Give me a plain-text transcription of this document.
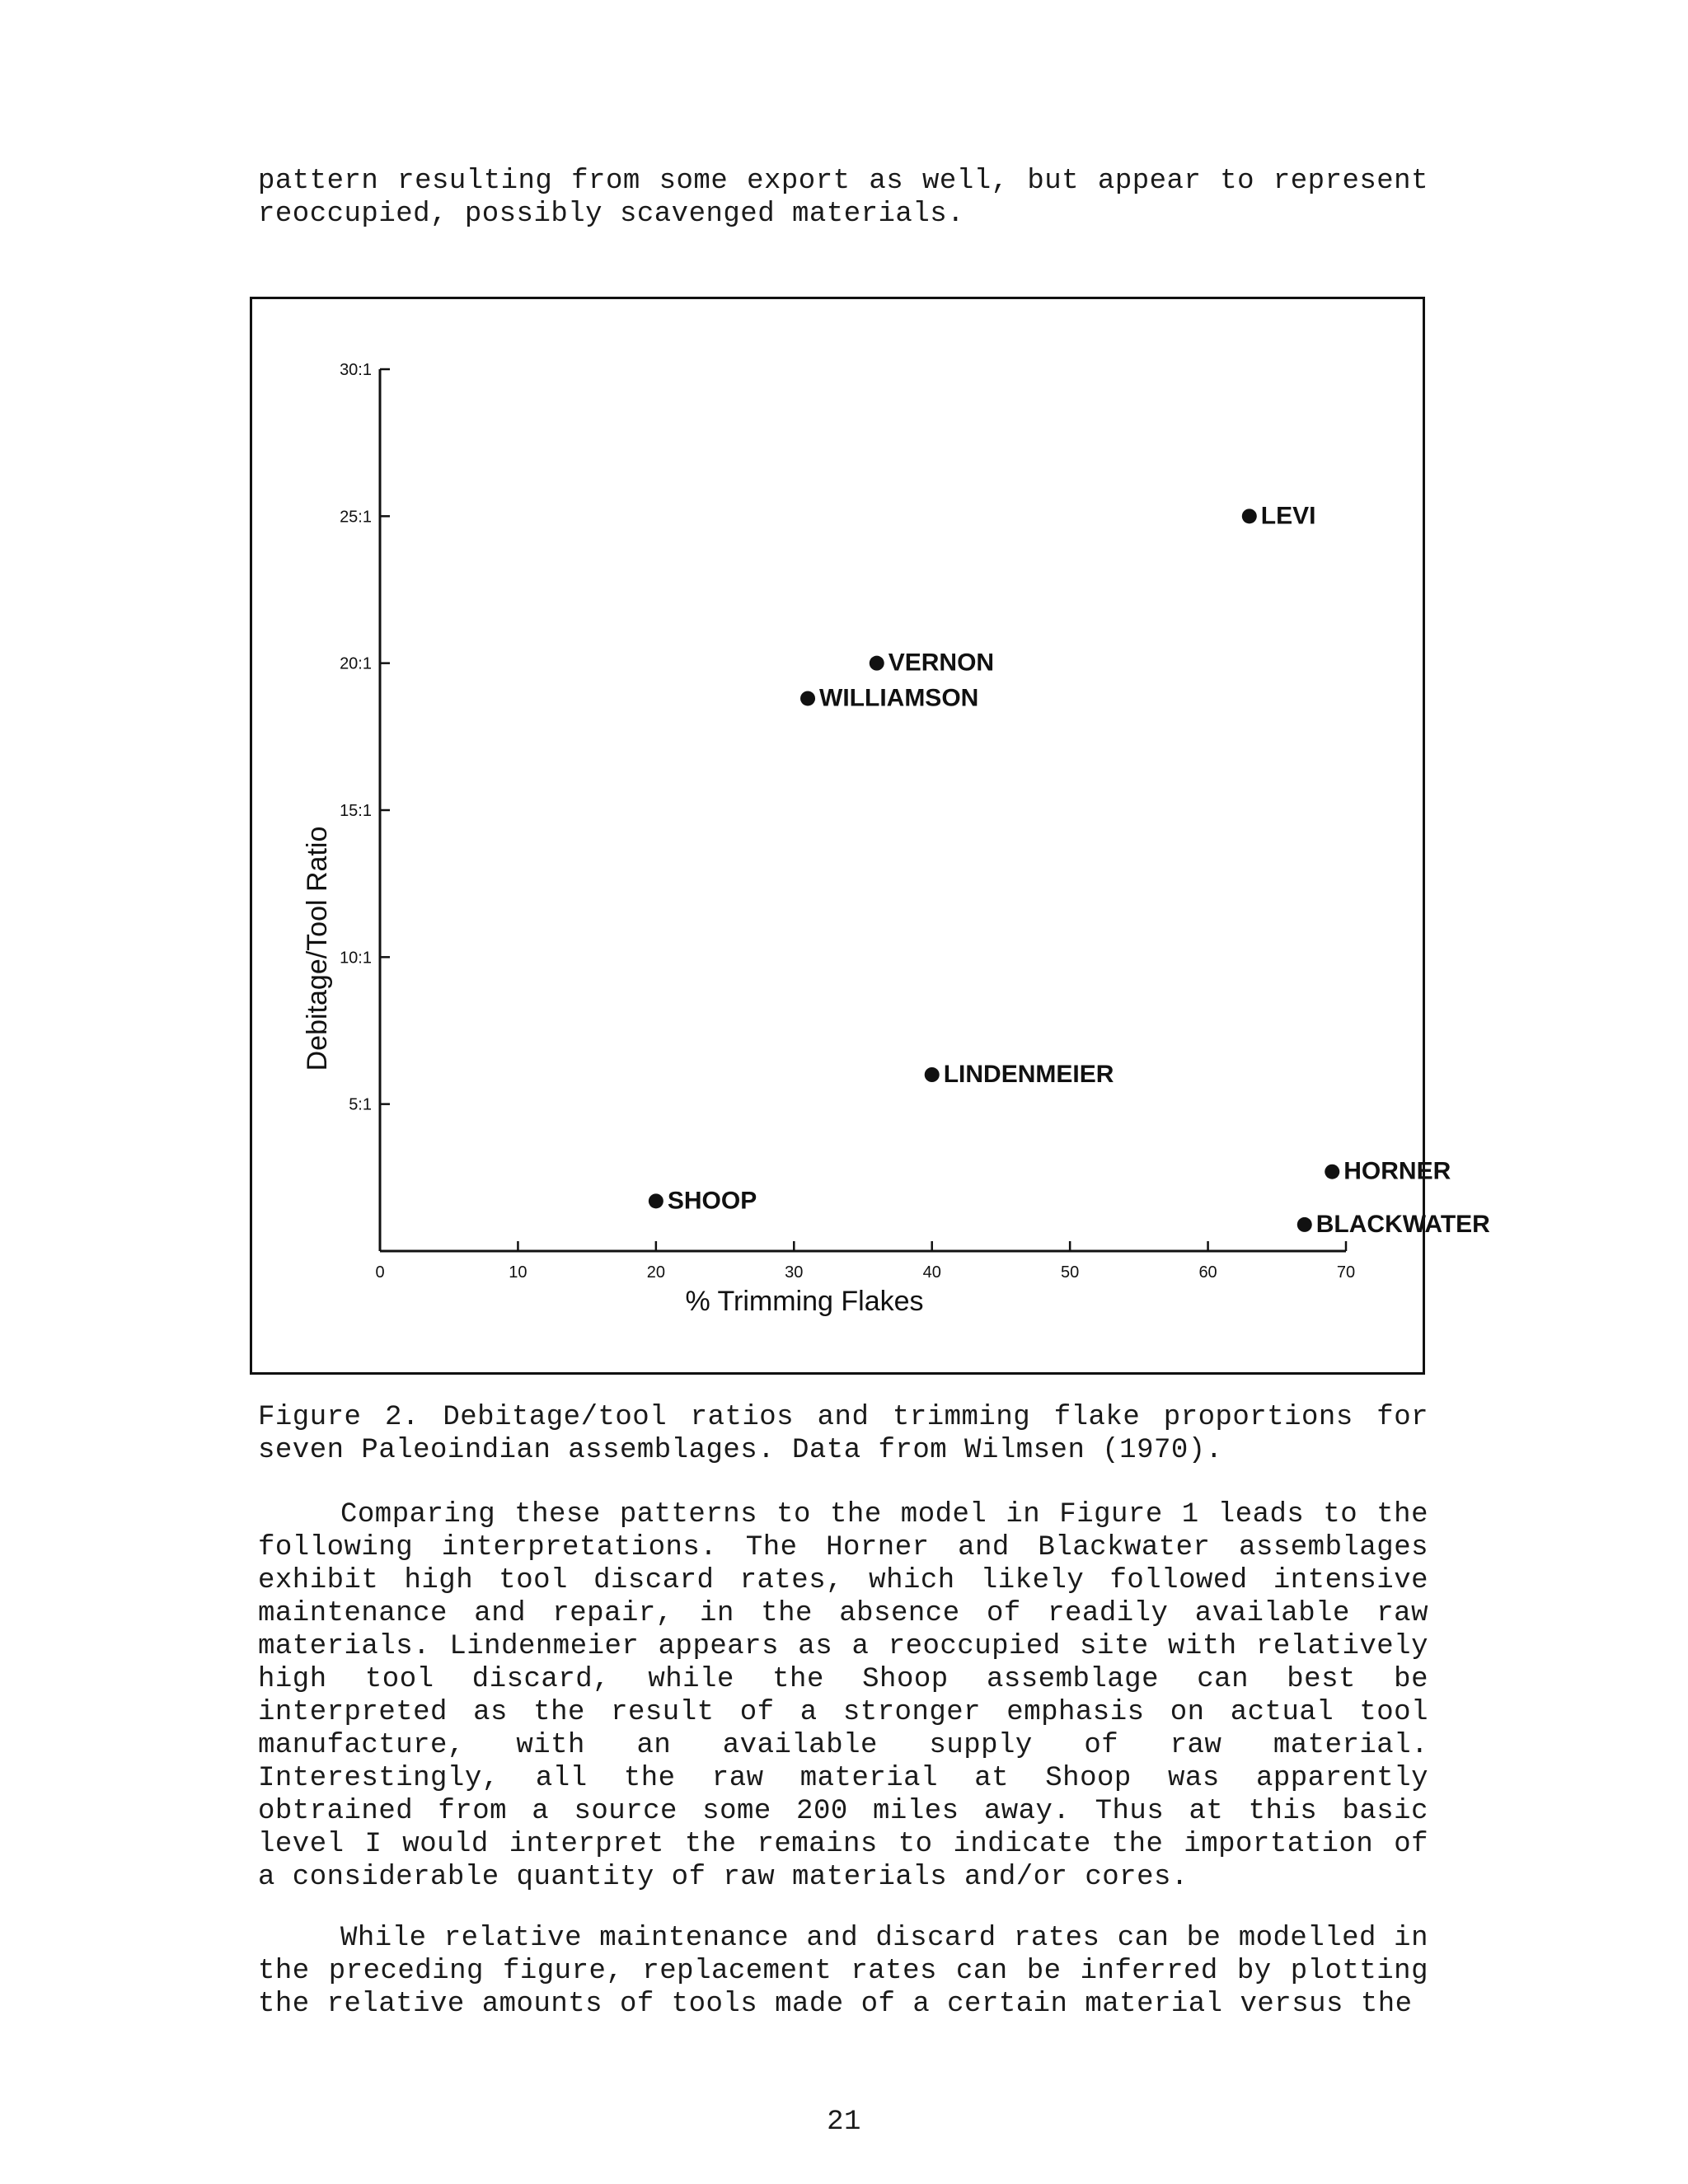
pattern resulting from some export as well, but appear to represent reoccupied, possibly scavenged materials.

0	10	20	30	40	50	60	70
5:1
10:1
15:1
20:1
25:1
30:1
LEVI
VERNON
WILLIAMSON
LINDENMEIER
SHOOP
HORNER
BLACKWATER
% Trimming Flakes
Debitage/Tool Ratio

Figure 2. Debitage/tool ratios and trimming flake proportions for seven Paleoindian assemblages. Data from Wilmsen (1970).

Comparing these patterns to the model in Figure 1 leads to the following interpretations. The Horner and Blackwater assemblages exhibit high tool discard rates, which likely followed intensive maintenance and repair, in the absence of readily available raw materials. Lindenmeier appears as a reoccupied site with relatively high tool discard, while the Shoop assemblage can best be interpreted as the result of a stronger emphasis on actual tool manufacture, with an available supply of raw material. Interestingly, all the raw material at Shoop was apparently obtrained from a source some 200 miles away. Thus at this basic level I would interpret the remains to indicate the importation of a considerable quantity of raw materials and/or cores.

While relative maintenance and discard rates can be modelled in the preceding figure, replacement rates can be inferred by plotting the relative amounts of tools made of a certain material versus the

21
